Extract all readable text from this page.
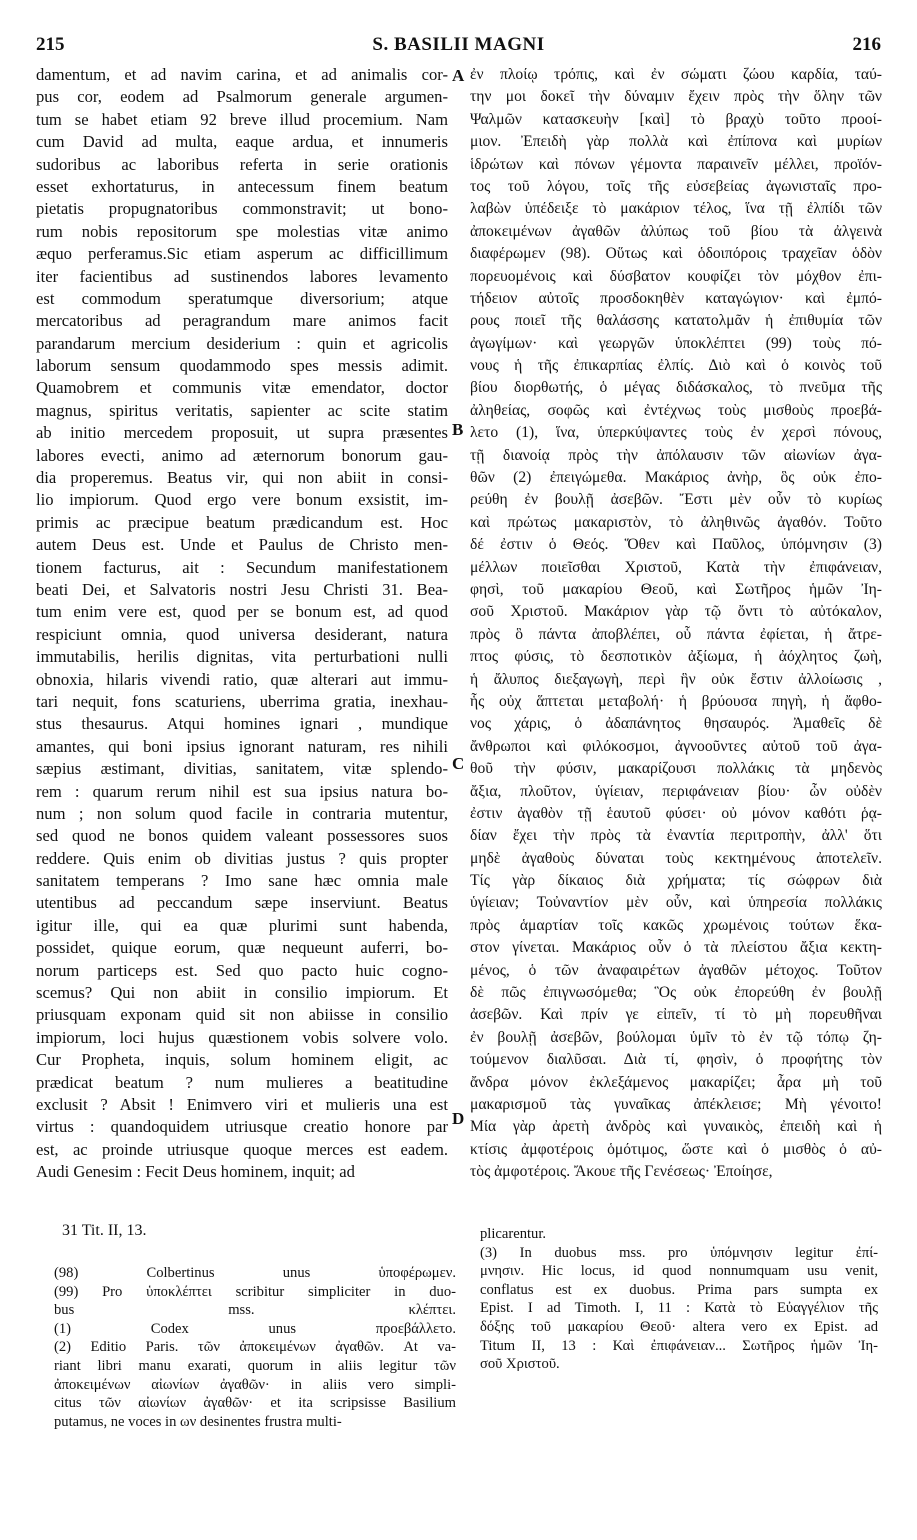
215	S. BASILII MAGNI	216
damentum, et ad navim carina, et ad animalis cor-
pus cor, eodem ad Psalmorum generale argumen-
tum se habet etiam 92 breve illud procemium. Nam
cum David ad multa, eaque ardua, et innumeris
sudoribus ac laboribus referta in serie orationis
esset exhortaturus, in antecessum finem beatum
pietatis propugnatoribus commonstravit; ut bono-
rum nobis repositorum spe molestias vitæ animo
æquo perferamus.Sic etiam asperum ac difficillimum
iter facientibus ad sustinendos labores levamento
est commodum speratumque diversorium; atque
mercatoribus ad peragrandum mare animos facit
parandarum mercium desiderium : quin et agricolis
laborum sensum quodammodo spes messis adimit.
Quamobrem et communis vitæ emendator, doctor
magnus, spiritus veritatis, sapienter ac scite statim
ab initio mercedem proposuit, ut supra præsentes
labores evecti, animo ad æternorum bonorum gau-
dia properemus. Beatus vir, qui non abiit in consi-
lio impiorum. Quod ergo vere bonum exsistit, im-
primis ac præcipue beatum prædicandum est. Hoc
autem Deus est. Unde et Paulus de Christo men-
tionem facturus, ait : Secundum manifestationem
beati Dei, et Salvatoris nostri Jesu Christi 31. Bea-
tum enim vere est, quod per se bonum est, ad quod
respiciunt omnia, quod universa desiderant, natura
immutabilis, herilis dignitas, vita perturbationi nulli
obnoxia, hilaris vivendi ratio, quæ alterari aut immu-
tari nequit, fons scaturiens, uberrima gratia, inexhau-
stus thesaurus. Atqui homines ignari , mundique
amantes, qui boni ipsius ignorant naturam, res nihili
sæpius æstimant, divitias, sanitatem, vitæ splendo-
rem : quarum rerum nihil est sua ipsius natura bo-
num ; non solum quod facile in contraria mutentur,
sed quod ne bonos quidem valeant possessores suos
reddere. Quis enim ob divitias justus ? quis propter
sanitatem temperans ? Imo sane hæc omnia male
utentibus ad peccandum sæpe inserviunt. Beatus
igitur ille, qui ea quæ plurimi sunt habenda,
possidet, quique eorum, quæ nequeunt auferri, bo-
norum particeps est. Sed quo pacto huic cogno-
scemus? Qui non abiit in consilio impiorum. Et
priusquam exponam quid sit non abiisse in consilio
impiorum, loci hujus quæstionem vobis solvere volo.
Cur Propheta, inquis, solum hominem eligit, ac
prædicat beatum ? num mulieres a beatitudine
exclusit ? Absit ! Enimvero viri et mulieris una est
virtus : quandoquidem utriusque creatio honore par
est, ac proinde utriusque quoque merces est eadem.
Audi Genesim : Fecit Deus hominem, inquit; ad
ἐν πλοίῳ τρόπις, καὶ ἐν σώματι ζώου καρδία, ταύ-
την μοι δοκεῖ τὴν δύναμιν ἔχειν πρὸς τὴν ὅλην τῶν
Ψαλμῶν κατασκευὴν [καὶ] τὸ βραχὺ τοῦτο προοί-
μιον. Ἐπειδὴ γὰρ πολλὰ καὶ ἐπίπονα καὶ μυρίων
ἱδρώτων καὶ πόνων γέμοντα παραινεῖν μέλλει, προϊόν-
τος τοῦ λόγου, τοῖς τῆς εὐσεβείας ἀγωνισταῖς προ-
λαβὼν ὑπέδειξε τὸ μακάριον τέλος, ἵνα τῇ ἐλπίδι τῶν
ἀποκειμένων ἀγαθῶν ἀλύπως τοῦ βίου τὰ ἀλγεινὰ
διαφέρωμεν (98). Οὕτως καὶ ὁδοιπόροις τραχεῖαν ὁδὸν
πορευομένοις καὶ δύσβατον κουφίζει τὸν μόχθον ἐπι-
τήδειον αὐτοῖς προσδοκηθὲν καταγώγιον· καὶ ἐμπό-
ρους ποιεῖ τῆς θαλάσσης κατατολμᾶν ἡ ἐπιθυμία τῶν
ἀγωγίμων· καὶ γεωργῶν ὑποκλέπτει (99) τοὺς πό-
νους ἡ τῆς ἐπικαρπίας ἐλπίς. Διὸ καὶ ὁ κοινὸς τοῦ
βίου διορθωτής, ὁ μέγας διδάσκαλος, τὸ πνεῦμα τῆς
ἀληθείας, σοφῶς καὶ ἐντέχνως τοὺς μισθοὺς προεβά-
λετο (1), ἵνα, ὑπερκύψαντες τοὺς ἐν χερσὶ πόνους,
τῇ διανοίᾳ πρὸς τὴν ἀπόλαυσιν τῶν αἰωνίων ἀγα-
θῶν (2) ἐπειγώμεθα. Μακάριος ἀνὴρ, ὃς οὐκ ἐπο-
ρεύθη ἐν βουλῇ ἀσεβῶν. Ἔστι μὲν οὖν τὸ κυρίως
καὶ πρώτως μακαριστὸν, τὸ ἀληθινῶς ἀγαθόν. Τοῦτο
δέ ἐστιν ὁ Θεός. Ὅθεν καὶ Παῦλος, ὑπόμνησιν (3)
μέλλων ποιεῖσθαι Χριστοῦ, Κατὰ τὴν ἐπιφάνειαν,
φησὶ, τοῦ μακαρίου Θεοῦ, καὶ Σωτῆρος ἡμῶν Ἰη-
σοῦ Χριστοῦ. Μακάριον γὰρ τῷ ὄντι τὸ αὐτόκαλον,
πρὸς ὃ πάντα ἀποβλέπει, οὗ πάντα ἐφίεται, ἡ ἄτρε-
πτος φύσις, τὸ δεσποτικὸν ἀξίωμα, ἡ ἀόχλητος ζωὴ,
ἡ ἄλυπος διεξαγωγὴ, περὶ ἣν οὐκ ἔστιν ἀλλοίωσις ,
ἧς οὐχ ἅπτεται μεταβολή· ἡ βρύουσα πηγὴ, ἡ ἄφθο-
νος χάρις, ὁ ἀδαπάνητος θησαυρός. Ἀμαθεῖς δὲ
ἄνθρωποι καὶ φιλόκοσμοι, ἀγνοοῦντες αὐτοῦ τοῦ ἀγα-
θοῦ τὴν φύσιν, μακαρίζουσι πολλάκις τὰ μηδενὸς
ἄξια, πλοῦτον, ὑγίειαν, περιφάνειαν βίου· ὧν οὐδὲν
ἐστιν ἀγαθὸν τῇ ἑαυτοῦ φύσει· οὐ μόνον καθότι ῥᾳ-
δίαν ἔχει τὴν πρὸς τὰ ἐναντία περιτροπὴν, ἀλλ' ὅτι
μηδὲ ἀγαθοὺς δύναται τοὺς κεκτημένους ἀποτελεῖν.
Τίς γὰρ δίκαιος διὰ χρήματα; τίς σώφρων διὰ
ὑγίειαν; Τοὐναντίον μὲν οὖν, καὶ ὑπηρεσία πολλάκις
πρὸς ἁμαρτίαν τοῖς κακῶς χρωμένοις τούτων ἕκα-
στον γίνεται. Μακάριος οὖν ὁ τὰ πλείστου ἄξια κεκτη-
μένος, ὁ τῶν ἀναφαιρέτων ἀγαθῶν μέτοχος. Τοῦτον
δὲ πῶς ἐπιγνωσόμεθα; Ὃς οὐκ ἐπορεύθη ἐν βουλῇ
ἀσεβῶν. Καὶ πρίν γε εἰπεῖν, τί τὸ μὴ πορευθῆναι
ἐν βουλῇ ἀσεβῶν, βούλομαι ὑμῖν τὸ ἐν τῷ τόπῳ ζη-
τούμενον διαλῦσαι. Διὰ τί, φησὶν, ὁ προφήτης τὸν
ἄνδρα μόνον ἐκλεξάμενος μακαρίζει; ἆρα μὴ τοῦ
μακαρισμοῦ τὰς γυναῖκας ἀπέκλεισε; Μὴ γένοιτο!
Μία γὰρ ἀρετὴ ἀνδρὸς καὶ γυναικὸς, ἐπειδὴ καὶ ἡ
κτίσις ἀμφοτέροις ὁμότιμος, ὥστε καὶ ὁ μισθὸς ὁ αὐ-
τὸς ἀμφοτέροις. Ἄκουε τῆς Γενέσεως· Ἐποίησε,
A
B
C
D
31 Tit. II, 13.
(98) Colbertinus unus ὑποφέρωμεν.
(99) Pro ὑποκλέπτει scribitur simpliciter in duo-
bus mss. κλέπτει.
(1) Codex unus προεβάλλετο.
(2) Editio Paris. τῶν ἀποκειμένων ἀγαθῶν. At va-
riant libri manu exarati, quorum in aliis legitur τῶν
ἀποκειμένων αἰωνίων ἀγαθῶν· in aliis vero simpli-
citus τῶν αἰωνίων ἀγαθῶν· et ita scripsisse Basilium
putamus, ne voces in ων desinentes frustra multi-
plicarentur.
(3) In duobus mss. pro ὑπόμνησιν legitur ἐπί-
μνησιν. Hic locus, id quod nonnumquam usu venit,
conflatus est ex duobus. Prima pars sumpta ex
Epist. I ad Timoth. I, 11 : Κατὰ τὸ Εὐαγγέλιον τῆς
δόξης τοῦ μακαρίου Θεοῦ· altera vero ex Epist. ad
Titum II, 13 : Καὶ ἐπιφάνειαν... Σωτῆρος ἡμῶν Ἰη-
σοῦ Χριστοῦ.
